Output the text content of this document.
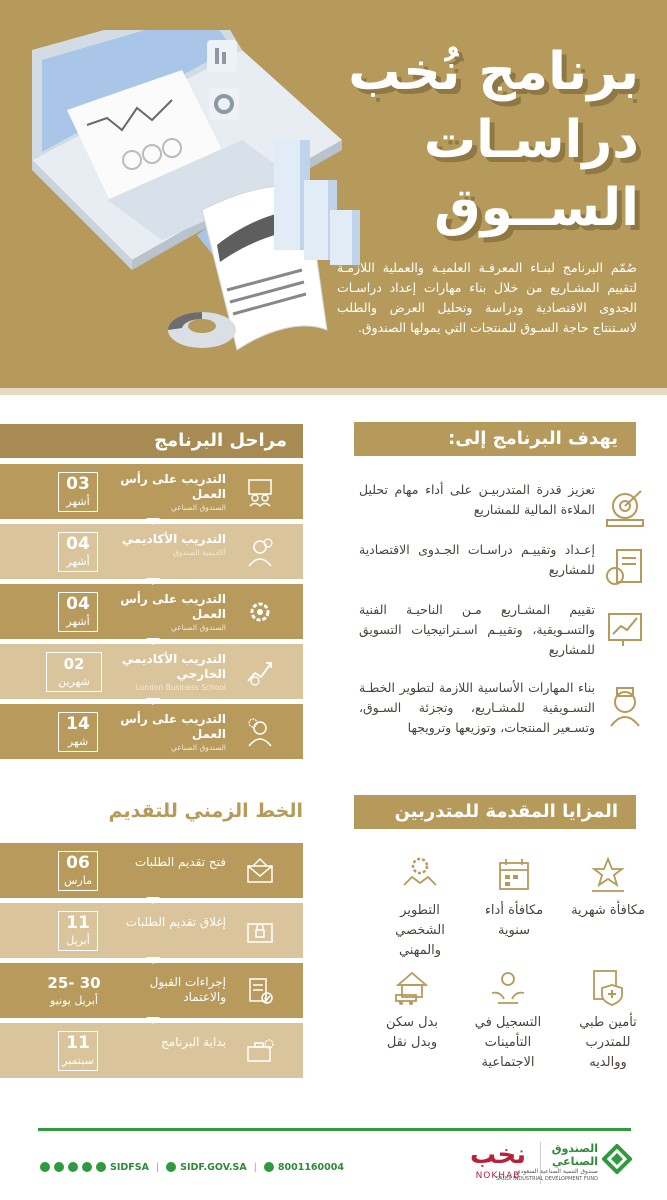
برنامج نُخب
دراسـات
الســوق

صُمّم البرنامج لبنـاء المعرفـة العلميـة والعملية اللازمـة لتقييم المشـاريع من خلال بناء مهارات إعداد دراسـات الجدوى الاقتصادية ودراسة وتحليل العرض والطلب لاسـتنتاج حاجة السـوق للمنتجات التي يمولها الصندوق.

مراحل البرنامج
03
أشهر
التدريب على رأس العمل
الصندوق الصناعي
04
أشهر
التدريب الأكاديمي
أكاديمية الصندوق
04
أشهر
التدريب على رأس العمل
الصندوق الصناعي
02
شهرين
التدريب الأكاديمي الخارجي
London Business School
14
شهر
التدريب على رأس العمل
الصندوق الصناعي
يهدف البرنامج إلى:
تعزيز قدرة المتدربيـن على أداء مهام تحليل الملاءة المالية للمشاريع
إعـداد وتقييـم دراسـات الجـدوى الاقتصادية للمشاريع
تقييم المشـاريع مـن الناحيـة الفنية والتسـويقية، وتقييـم اسـتراتيجيات التسويق للمشاريع
بناء المهارات الأساسية اللازمة لتطوير الخطـة التسـويقية للمشـاريع، وتجزئة السـوق، وتسـعير المنتجات، وتوزيعها وترويجها
الخط الزمني للتقديم
06
مارس
فتح تقديم الطلبات
11
أبريل
إغلاق تقديم الطلبات
25- 30
أبريل يونيو
إجراءات القبول والاعتماد
11
سبتمبر
بداية البرنامج
المزايا المقدمة للمتدربين
مكافأة شهرية
مكافأة أداء سنوية
التطوير الشخصي والمهني
تأمين طبي للمتدرب ووالديه
التسجيل في التأمينات الاجتماعية
بدل سكن وبدل نقل
SIDFSA | SIDF.GOV.SA | 8001160004	نخب
NOKHAB
الصندوق الصناعي
صندوق التنمية الصناعية السعودي
SAUDI INDUSTRIAL DEVELOPMENT FUND
